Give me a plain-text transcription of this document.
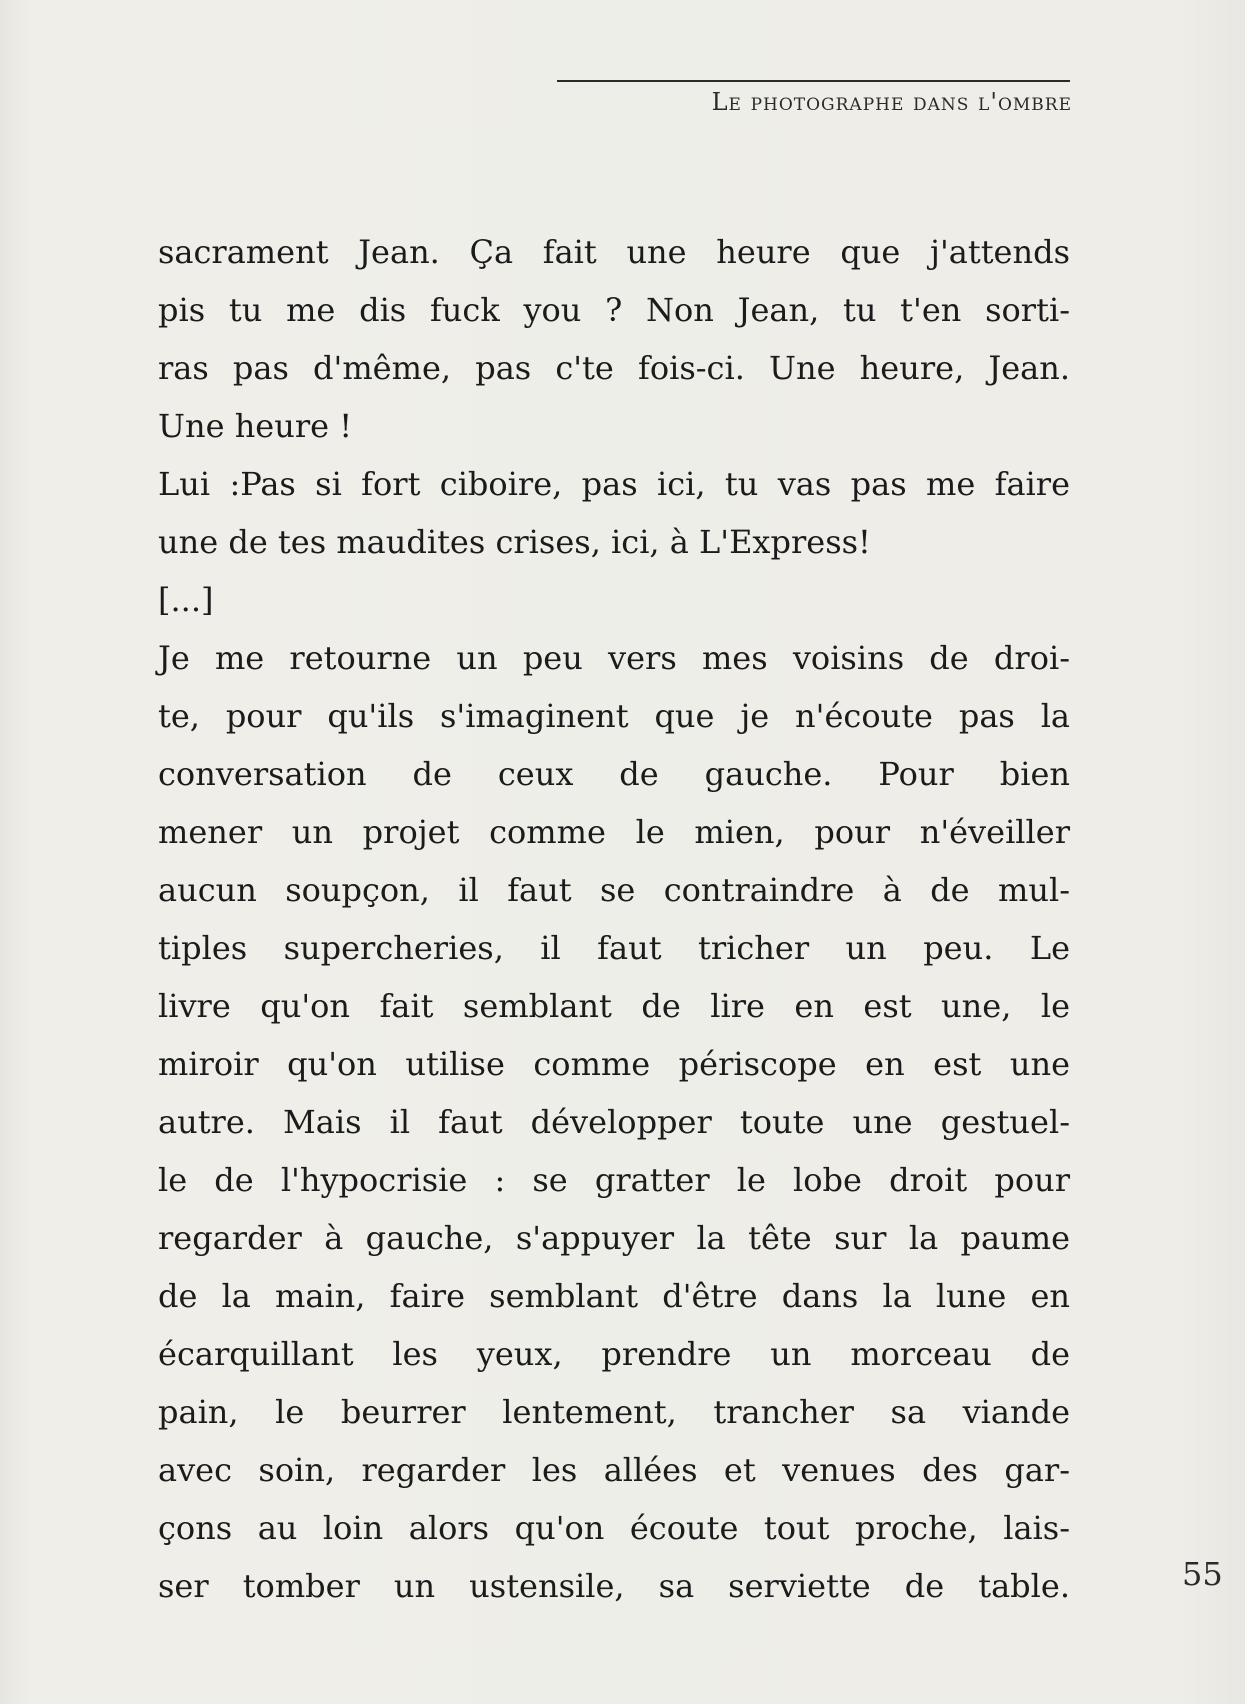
Le photographe dans l'ombre
sacrament Jean. Ça fait une heure que j'attends
pis tu me dis fuck you ? Non Jean, tu t'en sorti-
ras pas d'même, pas c'te fois-ci. Une heure, Jean.
Une heure !
Lui :Pas si fort ciboire, pas ici, tu vas pas me faire
une de tes maudites crises, ici, à L'Express!
[...]
Je me retourne un peu vers mes voisins de droi-
te, pour qu'ils s'imaginent que je n'écoute pas la
conversation de ceux de gauche. Pour bien
mener un projet comme le mien, pour n'éveiller
aucun soupçon, il faut se contraindre à de mul-
tiples supercheries, il faut tricher un peu. Le
livre qu'on fait semblant de lire en est une, le
miroir qu'on utilise comme périscope en est une
autre. Mais il faut développer toute une gestuel-
le de l'hypocrisie : se gratter le lobe droit pour
regarder à gauche, s'appuyer la tête sur la paume
de la main, faire semblant d'être dans la lune en
écarquillant les yeux, prendre un morceau de
pain, le beurrer lentement, trancher sa viande
avec soin, regarder les allées et venues des gar-
çons au loin alors qu'on écoute tout proche, lais-
ser tomber un ustensile, sa serviette de table.	55
